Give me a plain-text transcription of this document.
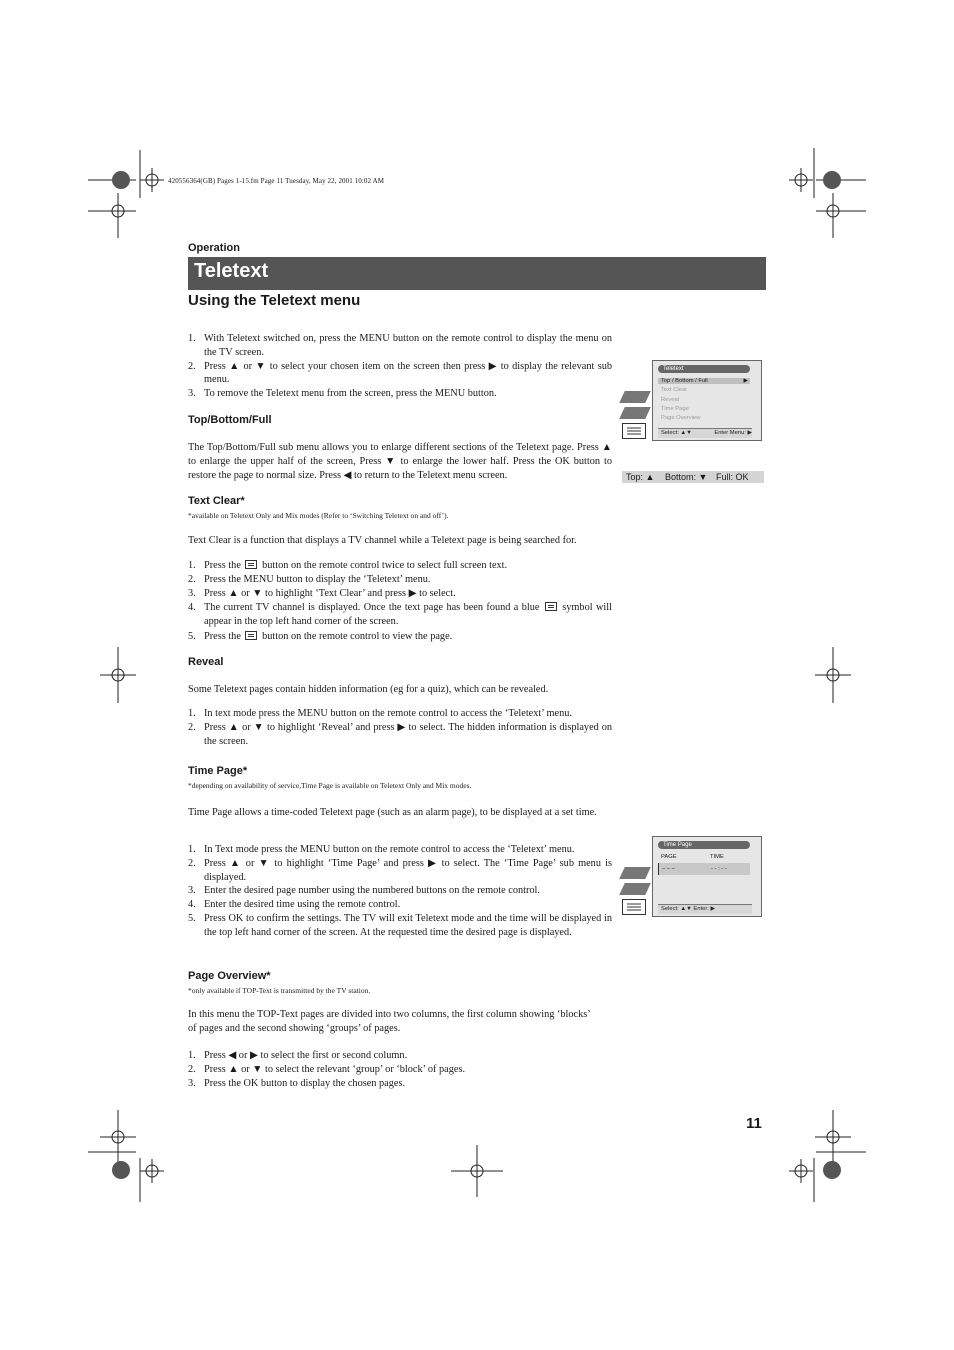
420556364(GB) Pages 1-15.fm Page 11 Tuesday, May 22, 2001 10:02 AM
Operation
Teletext
Using the Teletext menu
1. With Teletext switched on, press the MENU button on the remote control to display the menu on the TV screen.
2. Press ▲ or ▼ to select your chosen item on the screen then press ▶ to display the relevant sub menu.
3. To remove the Teletext menu from the screen, press the MENU button.
Top/Bottom/Full
The Top/Bottom/Full sub menu allows you to enlarge different sections of the Teletext page. Press ▲ to enlarge the upper half of the screen, Press ▼ to enlarge the lower half. Press the OK button to restore the page to normal size. Press ◀ to return to the Teletext menu screen.
Text Clear*
*available on Teletext Only and Mix modes (Refer to ‘Switching Teletext on and off’).
Text Clear is a function that displays a TV channel while a Teletext page is being searched for.
1. Press the button on the remote control twice to select full screen text.
2. Press the MENU button to display the ‘Teletext’ menu.
3. Press ▲ or ▼ to highlight ‘Text Clear’ and press ▶ to select.
4. The current TV channel is displayed. Once the text page has been found a blue symbol will appear in the top left hand corner of the screen.
5. Press the button on the remote control to view the page.
Reveal
Some Teletext pages contain hidden information (eg for a quiz), which can be revealed.
1. In text mode press the MENU button on the remote control to access the ‘Teletext’ menu.
2. Press ▲ or ▼ to highlight ‘Reveal’ and press ▶ to select. The hidden information is displayed on the screen.
Time Page*
*depending on availability of service,Time Page is available on Teletext Only and Mix modes.
Time Page allows a time-coded Teletext page (such as an alarm page), to be displayed at a set time.
1. In Text mode press the MENU button on the remote control to access the ‘Teletext’ menu.
2. Press ▲ or ▼ to highlight ‘Time Page’ and press ▶ to select. The ‘Time Page’ sub menu is displayed.
3. Enter the desired page number using the numbered buttons on the remote control.
4. Enter the desired time using the remote control.
5. Press OK to confirm the settings. The TV will exit Teletext mode and the time will be displayed in the top left hand corner of the screen. At the requested time the desired page is displayed.
Page Overview*
*only available if TOP-Text is transmitted by the TV station.
In this menu the TOP-Text pages are divided into two columns, the first column showing ‘blocks’ of pages and the second showing ‘groups’ of pages.
1. Press ◀ or ▶ to select the first or second column.
2. Press ▲ or ▼ to select the relevant ‘group’ or ‘block’ of pages.
3. Press the OK button to display the chosen pages.
Teletext
Top / Bottom / Full	▶
Text Clear
Reveal
Time Page
Page Overview
Select: ▲▼	Enter Menu: ▶
Top: ▲ Bottom: ▼ Full: OK
Time Page
PAGE	TIME
– – –	- - : - -
Select: ▲▼ Enter: ▶
11
